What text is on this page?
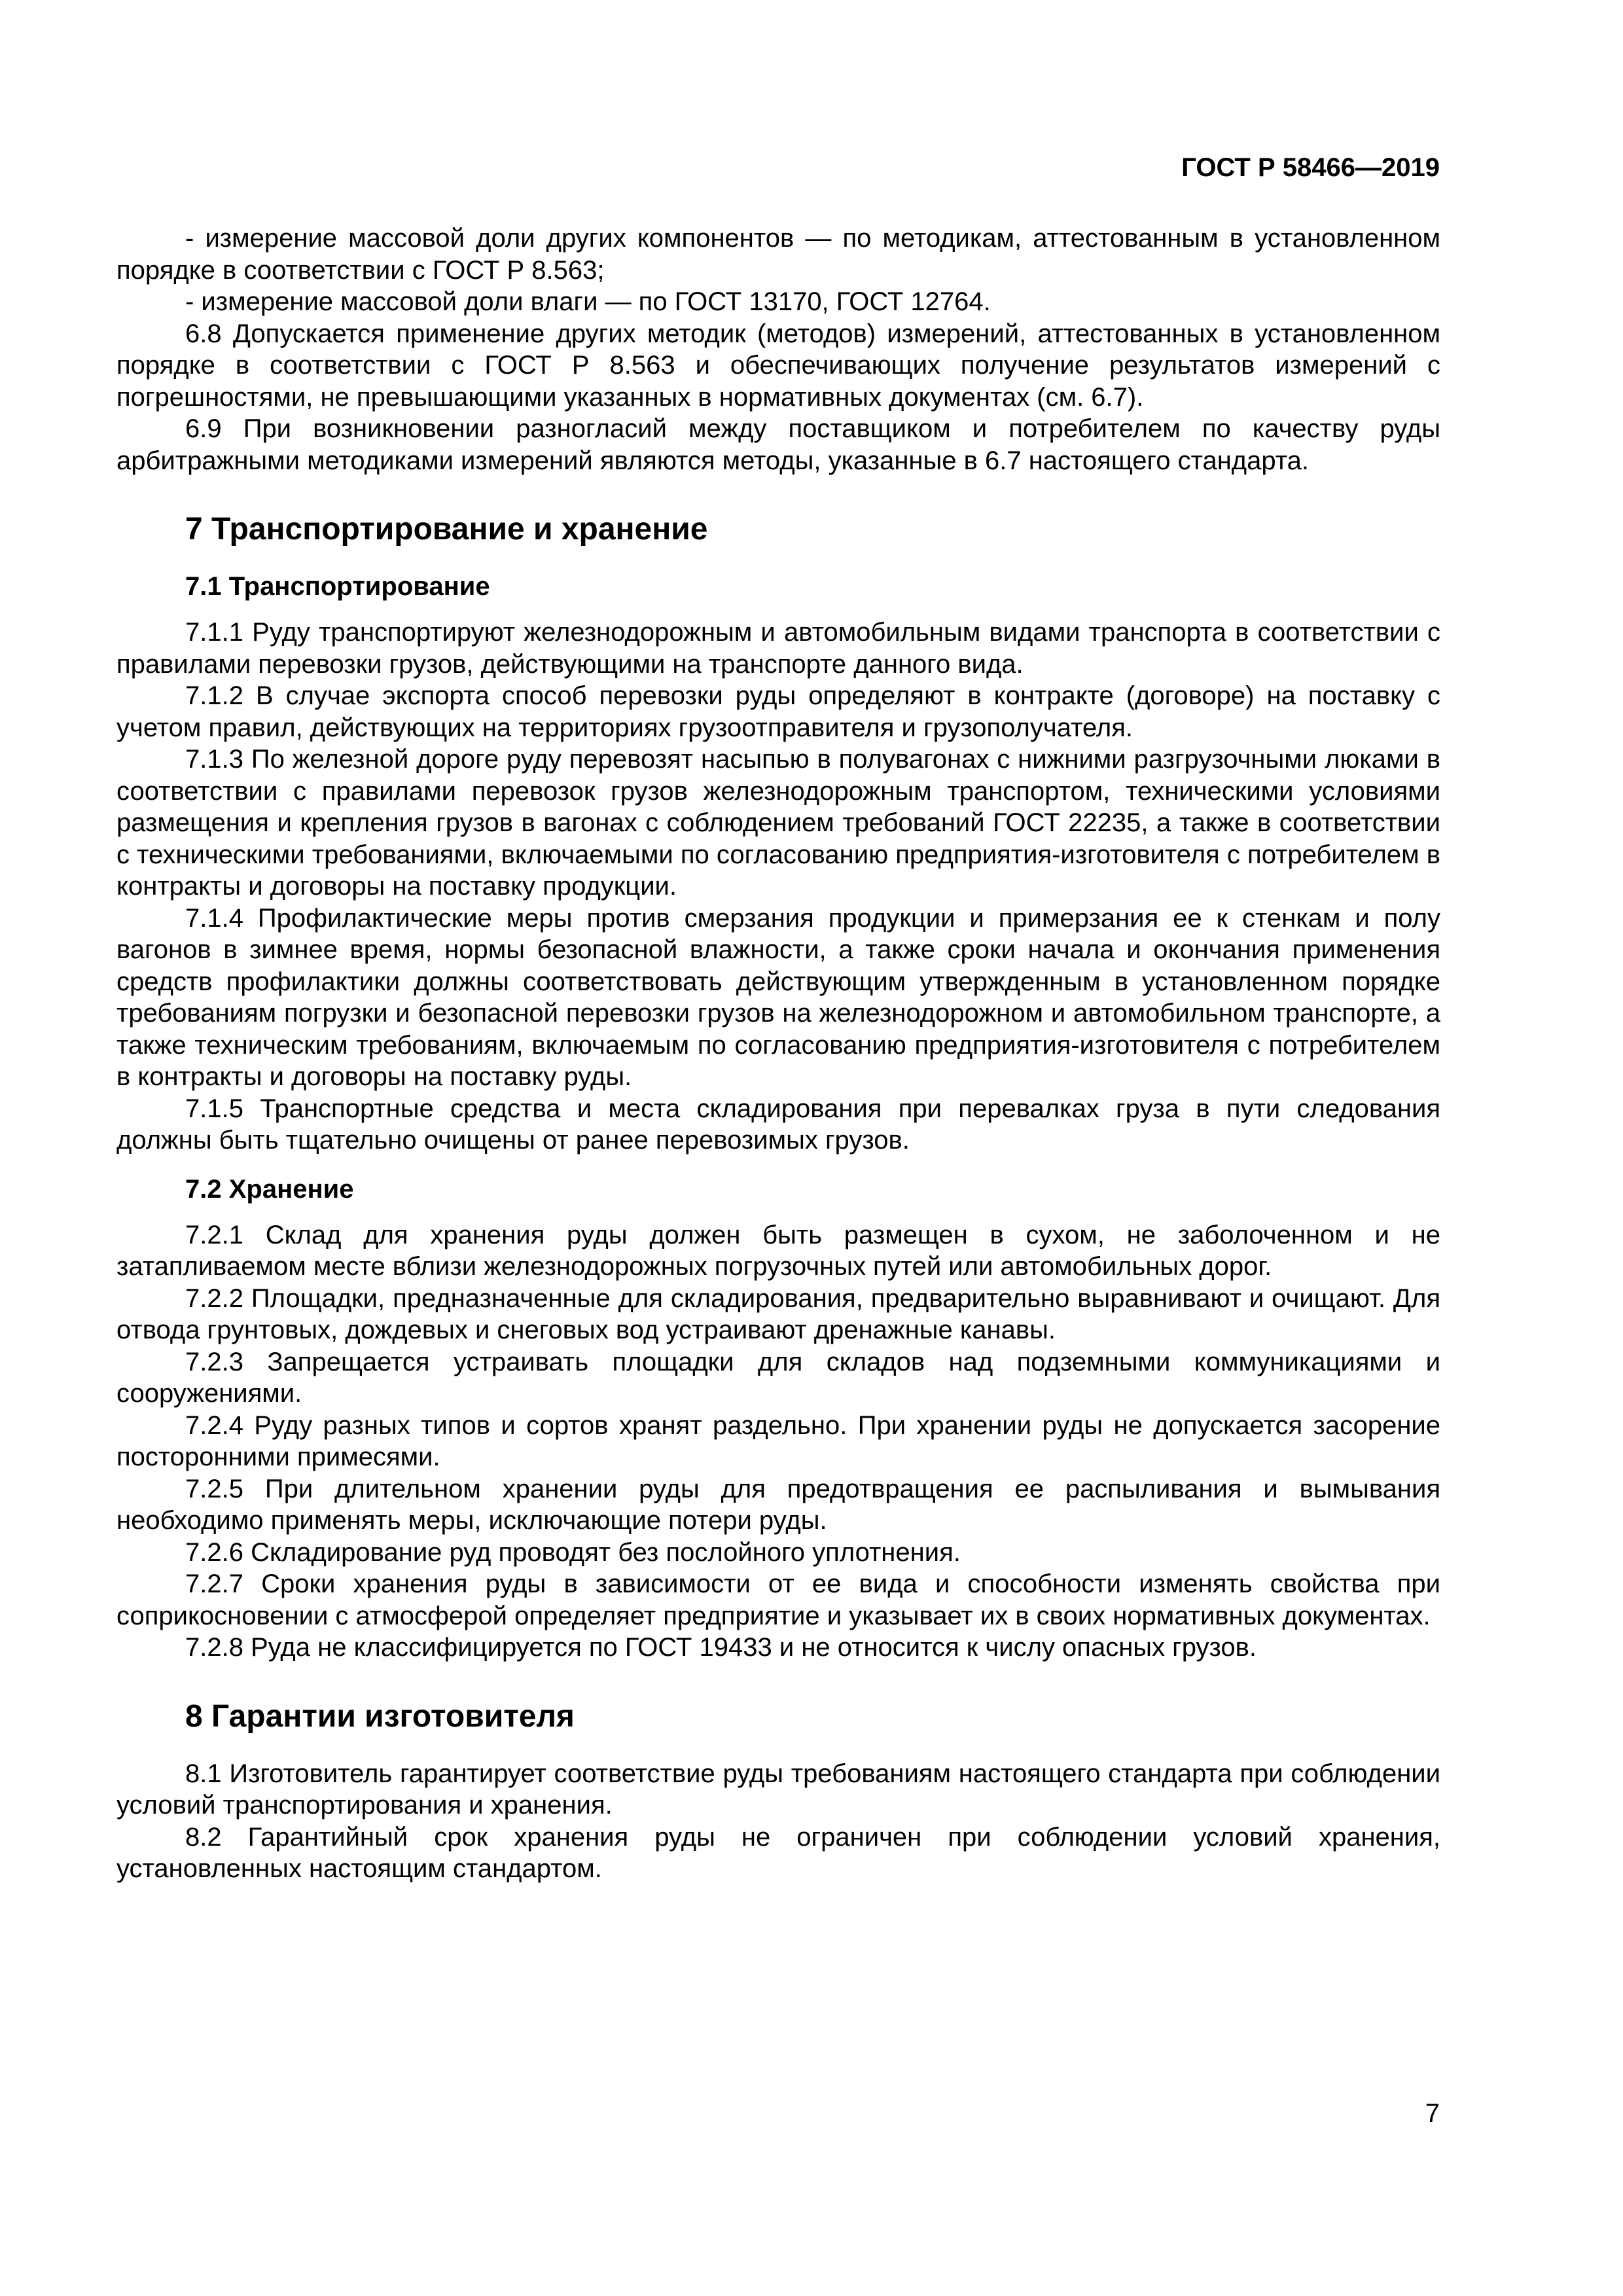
ГОСТ Р 58466—2019

- измерение массовой доли других компонентов — по методикам, аттестованным в установленном порядке в соответствии с ГОСТ Р 8.563;

- измерение массовой доли влаги — по ГОСТ 13170, ГОСТ 12764.

6.8 Допускается применение других методик (методов) измерений, аттестованных в установленном порядке в соответствии с ГОСТ Р 8.563 и обеспечивающих получение результатов измерений с погрешностями, не превышающими указанных в нормативных документах (см. 6.7).

6.9 При возникновении разногласий между поставщиком и потребителем по качеству руды арбитражными методиками измерений являются методы, указанные в 6.7 настоящего стандарта.

7 Транспортирование и хранение
7.1 Транспортирование

7.1.1 Руду транспортируют железнодорожным и автомобильным видами транспорта в соответствии с правилами перевозки грузов, действующими на транспорте данного вида.

7.1.2 В случае экспорта способ перевозки руды определяют в контракте (договоре) на поставку с учетом правил, действующих на территориях грузоотправителя и грузополучателя.

7.1.3 По железной дороге руду перевозят насыпью в полувагонах с нижними разгрузочными люками в соответствии с правилами перевозок грузов железнодорожным транспортом, техническими условиями размещения и крепления грузов в вагонах с соблюдением требований ГОСТ 22235, а также в соответствии с техническими требованиями, включаемыми по согласованию предприятия-изготовителя с потребителем в контракты и договоры на поставку продукции.

7.1.4 Профилактические меры против смерзания продукции и примерзания ее к стенкам и полу вагонов в зимнее время, нормы безопасной влажности, а также сроки начала и окончания применения средств профилактики должны соответствовать действующим утвержденным в установленном порядке требованиям погрузки и безопасной перевозки грузов на железнодорожном и автомобильном транспорте, а также техническим требованиям, включаемым по согласованию предприятия-изготовителя с потребителем в контракты и договоры на поставку руды.

7.1.5 Транспортные средства и места складирования при перевалках груза в пути следования должны быть тщательно очищены от ранее перевозимых грузов.

7.2 Хранение

7.2.1 Склад для хранения руды должен быть размещен в сухом, не заболоченном и не затапливаемом месте вблизи железнодорожных погрузочных путей или автомобильных дорог.

7.2.2 Площадки, предназначенные для складирования, предварительно выравнивают и очищают. Для отвода грунтовых, дождевых и снеговых вод устраивают дренажные канавы.

7.2.3 Запрещается устраивать площадки для складов над подземными коммуникациями и сооружениями.

7.2.4 Руду разных типов и сортов хранят раздельно. При хранении руды не допускается засорение посторонними примесями.

7.2.5 При длительном хранении руды для предотвращения ее распыливания и вымывания необходимо применять меры, исключающие потери руды.

7.2.6 Складирование руд проводят без послойного уплотнения.

7.2.7 Сроки хранения руды в зависимости от ее вида и способности изменять свойства при соприкосновении с атмосферой определяет предприятие и указывает их в своих нормативных документах.

7.2.8 Руда не классифицируется по ГОСТ 19433 и не относится к числу опасных грузов.

8 Гарантии изготовителя

8.1 Изготовитель гарантирует соответствие руды требованиям настоящего стандарта при соблюдении условий транспортирования и хранения.

8.2 Гарантийный срок хранения руды не ограничен при соблюдении условий хранения, установленных настоящим стандартом.

7
